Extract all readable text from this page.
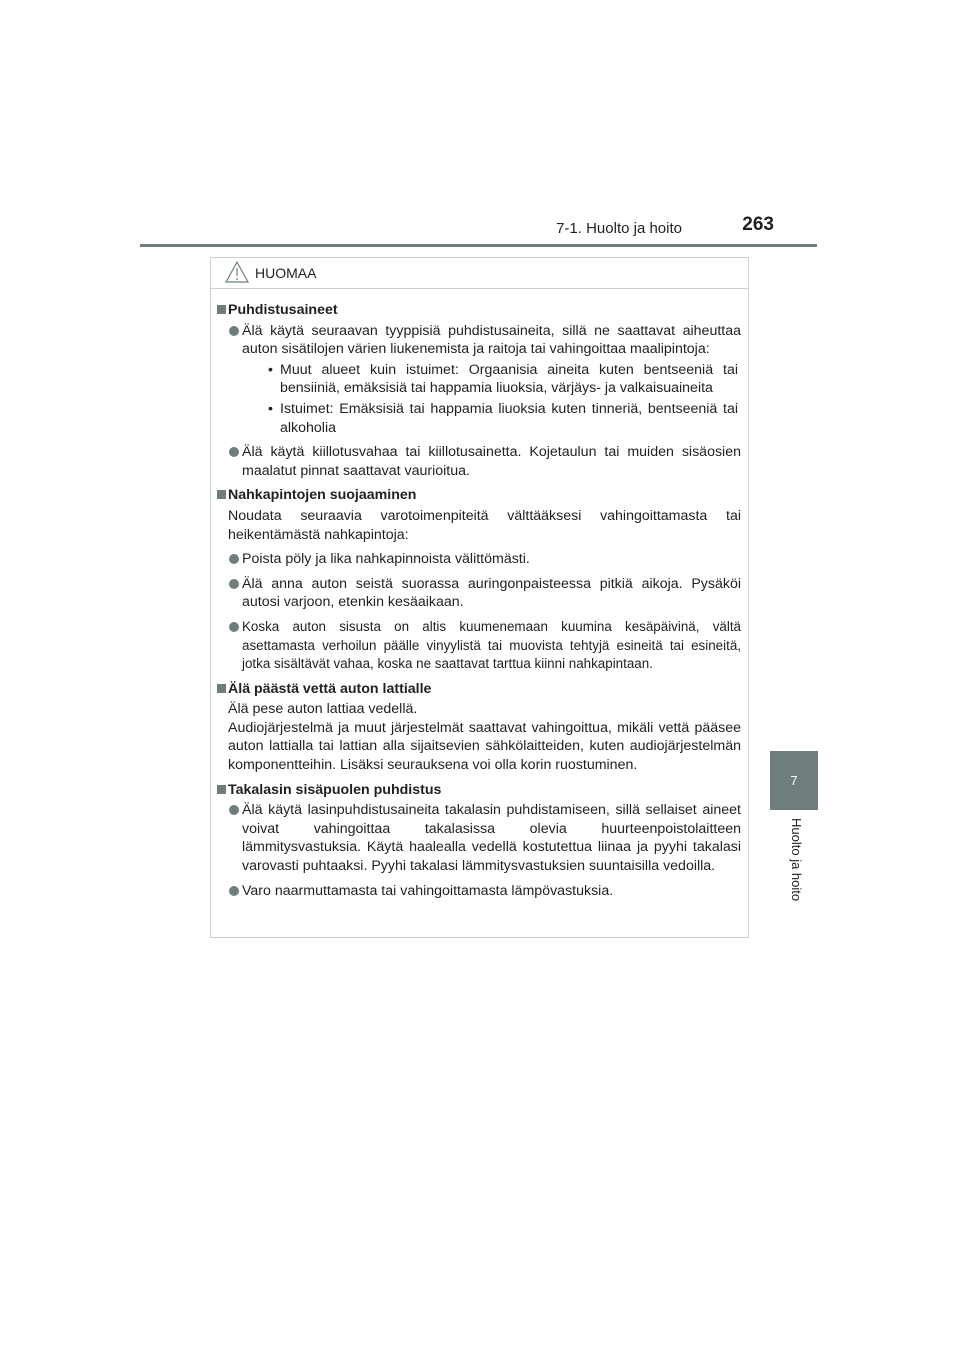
7-1. Huolto ja hoito	263
7
Huolto ja hoito
HUOMAA
Puhdistusaineet
Älä käytä seuraavan tyyppisiä puhdistusaineita, sillä ne saattavat aiheuttaa auton sisätilojen värien liukenemista ja raitoja tai vahingoittaa maalipintoja:
• Muut alueet kuin istuimet: Orgaanisia aineita kuten bentseeniä tai bensiiniä, emäksisiä tai happamia liuoksia, värjäys- ja valkaisuaineita
• Istuimet: Emäksisiä tai happamia liuoksia kuten tinneriä, bentseeniä tai alkoholia
Älä käytä kiillotusvahaa tai kiillotusainetta. Kojetaulun tai muiden sisäosien maalatut pinnat saattavat vaurioitua.
Nahkapintojen suojaaminen
Noudata seuraavia varotoimenpiteitä välttääksesi vahingoittamasta tai heikentämästä nahkapintoja:
Poista pöly ja lika nahkapinnoista välittömästi.
Älä anna auton seistä suorassa auringonpaisteessa pitkiä aikoja. Pysäköi autosi varjoon, etenkin kesäaikaan.
Koska auton sisusta on altis kuumenemaan kuumina kesäpäivinä, vältä asettamasta verhoilun päälle vinyylistä tai muovista tehtyjä esineitä tai esineitä, jotka sisältävät vahaa, koska ne saattavat tarttua kiinni nahkapintaan.
Älä päästä vettä auton lattialle
Älä pese auton lattiaa vedellä.
Audiojärjestelmä ja muut järjestelmät saattavat vahingoittua, mikäli vettä pääsee auton lattialla tai lattian alla sijaitsevien sähkölaitteiden, kuten audiojärjestelmän komponentteihin. Lisäksi seurauksena voi olla korin ruostuminen.
Takalasin sisäpuolen puhdistus
Älä käytä lasinpuhdistusaineita takalasin puhdistamiseen, sillä sellaiset aineet voivat vahingoittaa takalasissa olevia huurteenpoistolaitteen lämmitysvastuksia. Käytä haalealla vedellä kostutettua liinaa ja pyyhi takalasi varovasti puhtaaksi. Pyyhi takalasi lämmitysvastuksien suuntaisilla vedoilla.
Varo naarmuttamasta tai vahingoittamasta lämpövastuksia.
